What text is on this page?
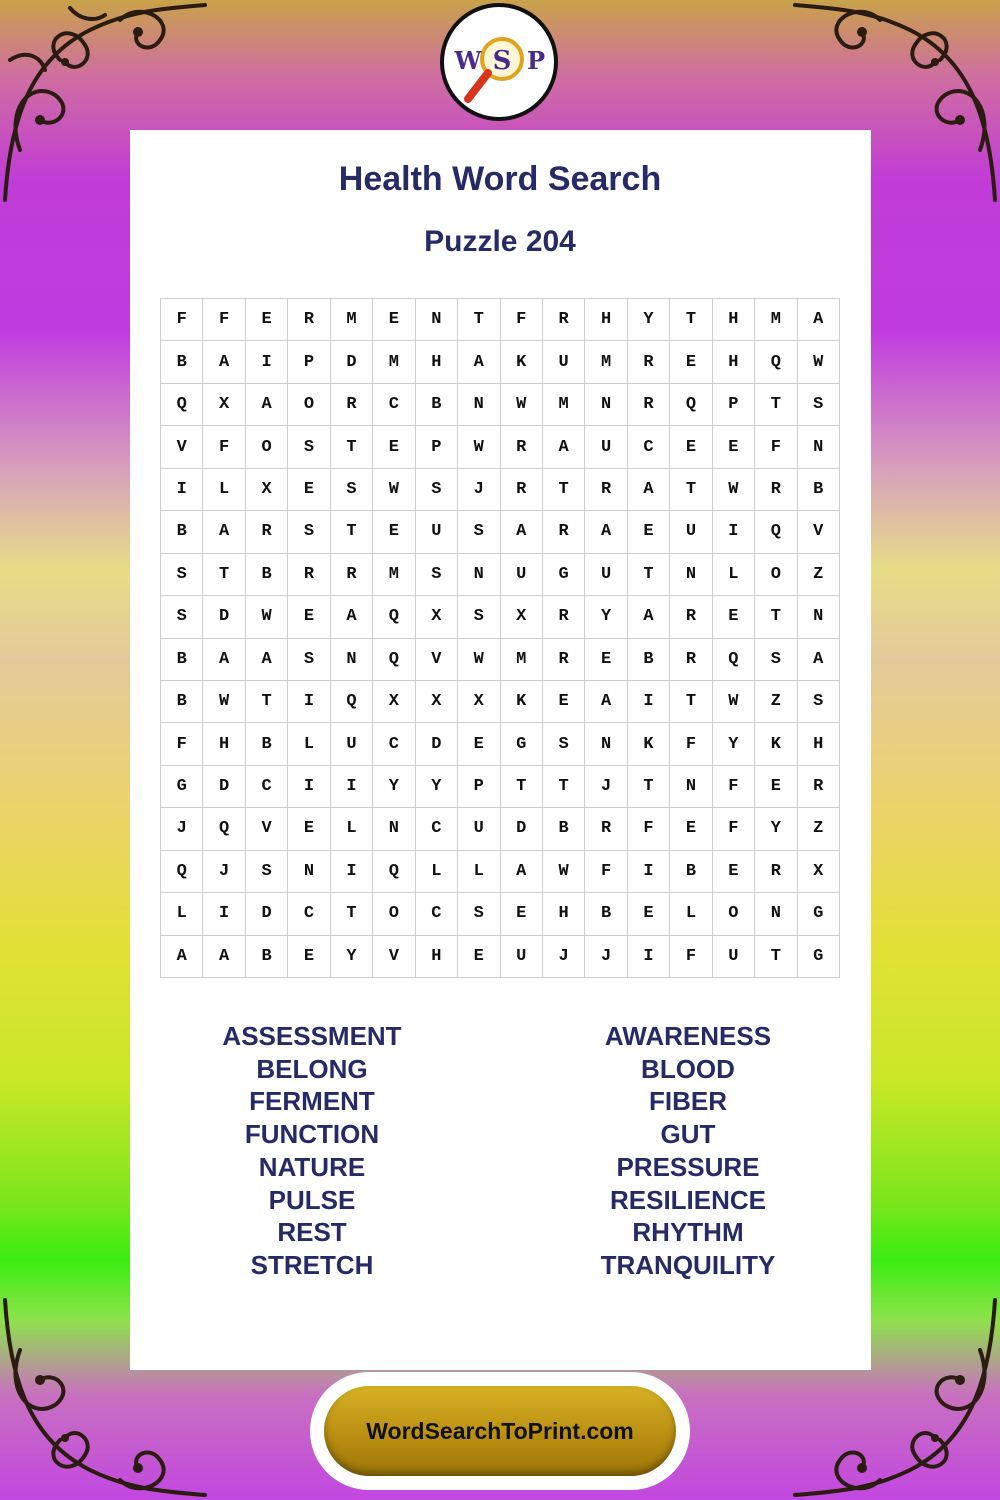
W S P
Health Word Search
Puzzle 204
F	F	E	R	M	E	N	T	F	R	H	Y	T	H	M	A
B	A	I	P	D	M	H	A	K	U	M	R	E	H	Q	W
Q	X	A	O	R	C	B	N	W	M	N	R	Q	P	T	S
V	F	O	S	T	E	P	W	R	A	U	C	E	E	F	N
I	L	X	E	S	W	S	J	R	T	R	A	T	W	R	B
B	A	R	S	T	E	U	S	A	R	A	E	U	I	Q	V
S	T	B	R	R	M	S	N	U	G	U	T	N	L	O	Z
S	D	W	E	A	Q	X	S	X	R	Y	A	R	E	T	N
B	A	A	S	N	Q	V	W	M	R	E	B	R	Q	S	A
B	W	T	I	Q	X	X	X	K	E	A	I	T	W	Z	S
F	H	B	L	U	C	D	E	G	S	N	K	F	Y	K	H
G	D	C	I	I	Y	Y	P	T	T	J	T	N	F	E	R
J	Q	V	E	L	N	C	U	D	B	R	F	E	F	Y	Z
Q	J	S	N	I	Q	L	L	A	W	F	I	B	E	R	X
L	I	D	C	T	O	C	S	E	H	B	E	L	O	N	G
A	A	B	E	Y	V	H	E	U	J	J	I	F	U	T	G
ASSESSMENT
BELONG
FERMENT
FUNCTION
NATURE
PULSE
REST
STRETCH
AWARENESS
BLOOD
FIBER
GUT
PRESSURE
RESILIENCE
RHYTHM
TRANQUILITY
WordSearchToPrint.com
